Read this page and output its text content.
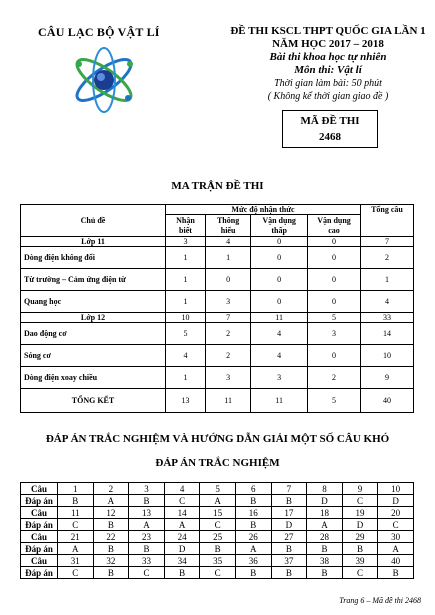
CÂU LẠC BỘ VẬT LÍ	ĐỀ THI KSCL THPT QUỐC GIA LẦN 1
NĂM HỌC 2017 – 2018
Bài thi khoa học tự nhiên
Môn thi: Vật lí
Thời gian làm bài: 50 phút
( Không kể thời gian giao đề )
MÃ ĐỀ THI
2468
MA TRẬN ĐỀ THI
Chủ đề	Mức độ nhận thức				Tổng câu
	Nhận biết	Thông hiểu	Vận dụng thấp	Vận dụng cao	
Lớp 11	3	4	0	0	7
Dòng điện không đổi	1	1	0	0	2
Từ trường – Cảm ứng điện từ	1	0	0	0	1
Quang học	1	3	0	0	4
Lớp 12	10	7	11	5	33
Dao động cơ	5	2	4	3	14
Sóng cơ	4	2	4	0	10
Dòng điện xoay chiều	1	3	3	2	9
TỔNG KẾT	13	11	11	5	40
ĐÁP ÁN TRẮC NGHIỆM VÀ HƯỚNG DẪN GIẢI MỘT SỐ CÂU KHÓ
ĐÁP ÁN TRẮC NGHIỆM
Câu	1	2	3	4	5	6	7	8	9	10
Đáp án	B	A	B	C	A	B	B	D	C	D
Câu	11	12	13	14	15	16	17	18	19	20
Đáp án	C	B	A	A	C	B	D	A	D	C
Câu	21	22	23	24	25	26	27	28	29	30
Đáp án	A	B	B	D	B	A	B	B	B	A
Câu	31	32	33	34	35	36	37	38	39	40
Đáp án	C	B	C	B	C	B	B	B	C	B
Trang 6 – Mã đề thi 2468
